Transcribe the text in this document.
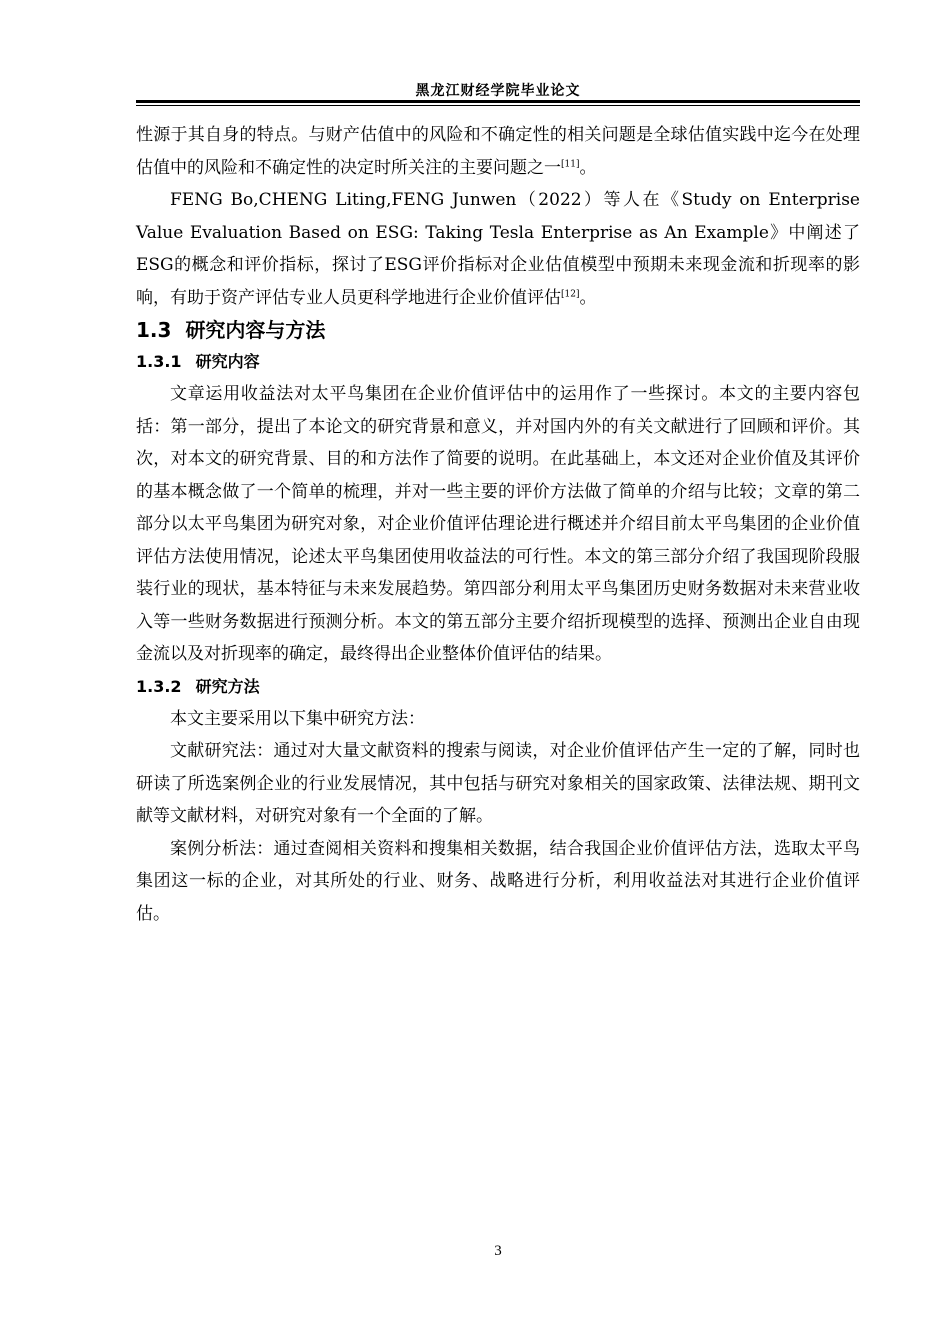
黑龙江财经学院毕业论文

性源于其自身的特点。与财产估值中的风险和不确定性的相关问题是全球估值实践中迄今在处理估值中的风险和不确定性的决定时所关注的主要问题之一[11]。

FENG Bo,CHENG Liting,FENG Junwen（2022）等人在《Study on Enterprise Value Evaluation Based on ESG: Taking Tesla Enterprise as An Example》中阐述了ESG的概念和评价指标，探讨了ESG评价指标对企业估值模型中预期未来现金流和折现率的影响，有助于资产评估专业人员更科学地进行企业价值评估[12]。

1.3 研究内容与方法
1.3.1 研究内容

文章运用收益法对太平鸟集团在企业价值评估中的运用作了一些探讨。本文的主要内容包括：第一部分，提出了本论文的研究背景和意义，并对国内外的有关文献进行了回顾和评价。其次，对本文的研究背景、目的和方法作了简要的说明。在此基础上，本文还对企业价值及其评价的基本概念做了一个简单的梳理，并对一些主要的评价方法做了简单的介绍与比较；文章的第二部分以太平鸟集团为研究对象，对企业价值评估理论进行概述并介绍目前太平鸟集团的企业价值评估方法使用情况，论述太平鸟集团使用收益法的可行性。本文的第三部分介绍了我国现阶段服装行业的现状，基本特征与未来发展趋势。第四部分利用太平鸟集团历史财务数据对未来营业收入等一些财务数据进行预测分析。本文的第五部分主要介绍折现模型的选择、预测出企业自由现金流以及对折现率的确定，最终得出企业整体价值评估的结果。

1.3.2 研究方法

本文主要采用以下集中研究方法：

文献研究法：通过对大量文献资料的搜索与阅读，对企业价值评估产生一定的了解，同时也研读了所选案例企业的行业发展情况，其中包括与研究对象相关的国家政策、法律法规、期刊文献等文献材料，对研究对象有一个全面的了解。

案例分析法：通过查阅相关资料和搜集相关数据，结合我国企业价值评估方法，选取太平鸟集团这一标的企业，对其所处的行业、财务、战略进行分析，利用收益法对其进行企业价值评估。

3
